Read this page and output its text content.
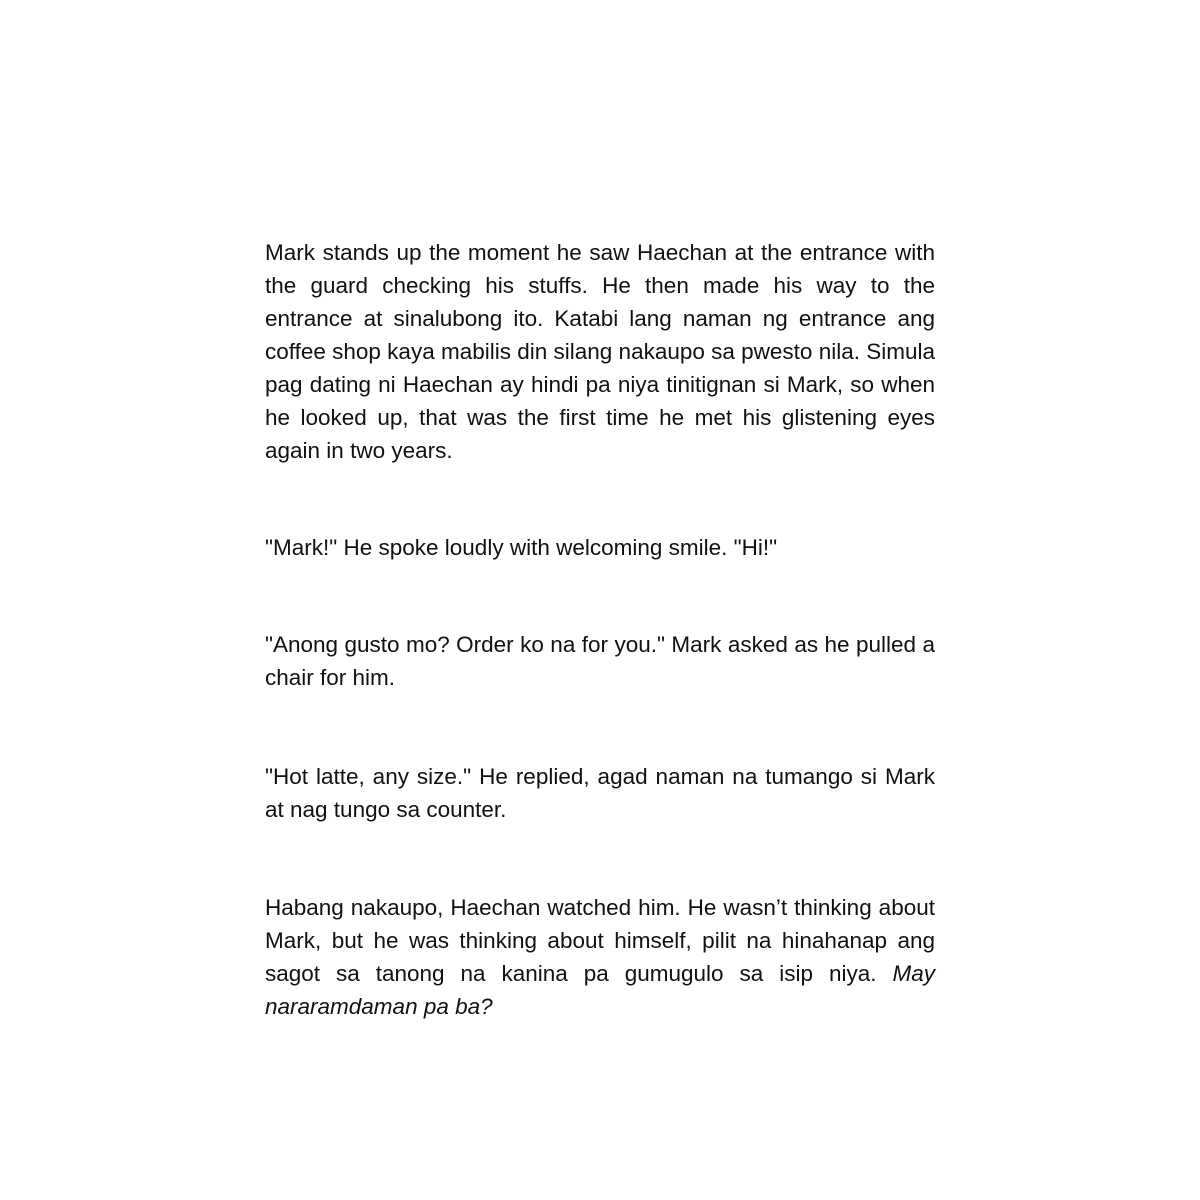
Mark stands up the moment he saw Haechan at the entrance with the guard checking his stuffs. He then made his way to the entrance at sinalubong ito. Katabi lang naman ng entrance ang coffee shop kaya mabilis din silang nakaupo sa pwesto nila. Simula pag dating ni Haechan ay hindi pa niya tinitignan si Mark, so when he looked up, that was the first time he met his glistening eyes again in two years.

"Mark!" He spoke loudly with welcoming smile. "Hi!"

"Anong gusto mo? Order ko na for you." Mark asked as he pulled a chair for him.

"Hot latte, any size." He replied, agad naman na tumango si Mark at nag tungo sa counter.

Habang nakaupo, Haechan watched him. He wasn’t thinking about Mark, but he was thinking about himself, pilit na hinahanap ang sagot sa tanong na kanina pa gumugulo sa isip niya. May nararamdaman pa ba?
